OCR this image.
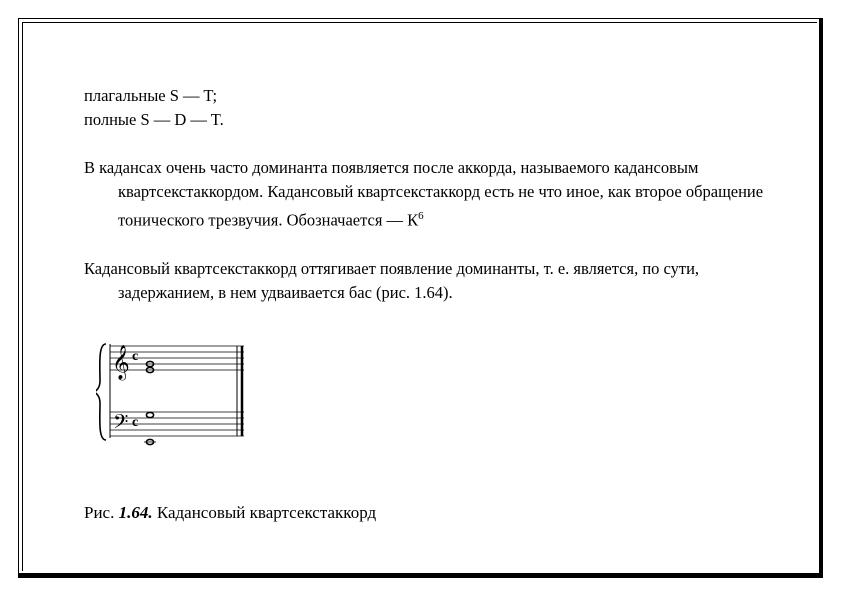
плагальные S — T;

полные S — D — T.

В кадансах очень часто доминанта появляется после аккорда, называемого кадансовым квартсекстаккордом. Кадансовый квартсекстаккорд есть не что иное, как второе обращение тонического трезвучия. Обозначается — $К^6$

Кадансовый квартсекстаккорд оттягивает появление доминанты, т. е. является, по сути, задержанием, в нем удваивается бас (рис. 1.64).

𝄞
𝄢
c
c
Рис. 1.64. Кадансовый квартсекстаккорд
